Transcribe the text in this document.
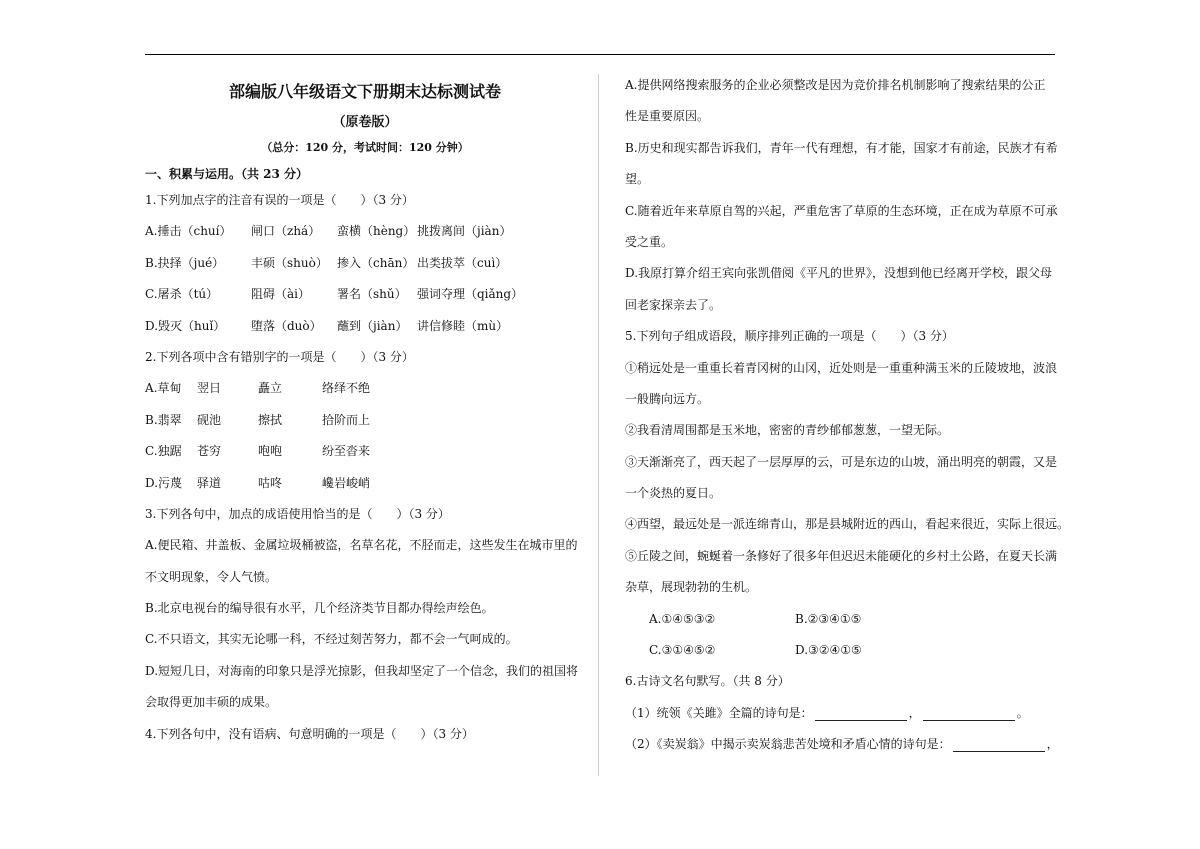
部编版八年级语文下册期末达标测试卷
（原卷版）
（总分：120 分，考试时间：120 分钟）
一、积累与运用。（共 23 分）
1.下列加点字的注音有误的一项是（　　）（3 分）
A.捶击（chuí）	闸口（zhá）	蛮横（hèng） 挑拨离间（jiàn）
B.抉择（jué）	丰硕（shuò） 掺入（chān） 出类拔萃（cuì）
C.屠杀（tú）	阻碍（ài）	署名（shǔ） 强词夺理（qiǎng）
D.毁灭（huǐ）	堕落（duò）	蘸到（jiàn） 讲信修睦（mù）
2.下列各项中含有错别字的一项是（　　）（3 分）
A.草甸	翌日	矗立	络绎不绝
B.翡翠	砚池	擦拭	拾阶而上
C.独踞	苍穷	咆咆	纷至沓来
D.污蔑	驿道	咕咚	巉岩峻峭
3.下列各句中，加点的成语使用恰当的是（　　）（3 分）
A.便民箱、井盖板、金属垃圾桶被盗，名草名花，不胫而走，这些发生在城市里的
不文明现象，令人气愤。
B.北京电视台的编导很有水平，几个经济类节目都办得绘声绘色。
C.不只语文，其实无论哪一科，不经过刻苦努力，都不会一气呵成的。
D.短短几日，对海南的印象只是浮光掠影，但我却坚定了一个信念，我们的祖国将
会取得更加丰硕的成果。
4.下列各句中，没有语病、句意明确的一项是（　　）（3 分）
A.提供网络搜索服务的企业必须整改是因为竞价排名机制影响了搜索结果的公正
性是重要原因。
B.历史和现实都告诉我们，青年一代有理想，有才能，国家才有前途，民族才有希
望。
C.随着近年来草原自驾的兴起，严重危害了草原的生态环境，正在成为草原不可承
受之重。
D.我原打算介绍王宾向张凯借阅《平凡的世界》，没想到他已经离开学校，跟父母
回老家探亲去了。
5.下列句子组成语段，顺序排列正确的一项是（　　）（3 分）
①稍远处是一重重长着青冈树的山冈，近处则是一重重种满玉米的丘陵坡地，波浪
一般腾向远方。
②我看清周围都是玉米地，密密的青纱郁郁葱葱，一望无际。
③天渐渐亮了，西天起了一层厚厚的云，可是东边的山坡，涌出明亮的朝霞，又是
一个炎热的夏日。
④西望，最远处是一派连绵青山，那是县城附近的西山，看起来很近，实际上很远。
⑤丘陵之间，蜿蜒着一条修好了很多年但迟迟未能硬化的乡村土公路，在夏天长满
杂草，展现勃勃的生机。
A.①④⑤③②	B.②③④①⑤
C.③①④⑤②	D.③②④①⑤
6.古诗文名句默写。（共 8 分）
（1）统领《关雎》全篇的诗句是：	，	。
（2）《卖炭翁》中揭示卖炭翁悲苦处境和矛盾心情的诗句是：	，
